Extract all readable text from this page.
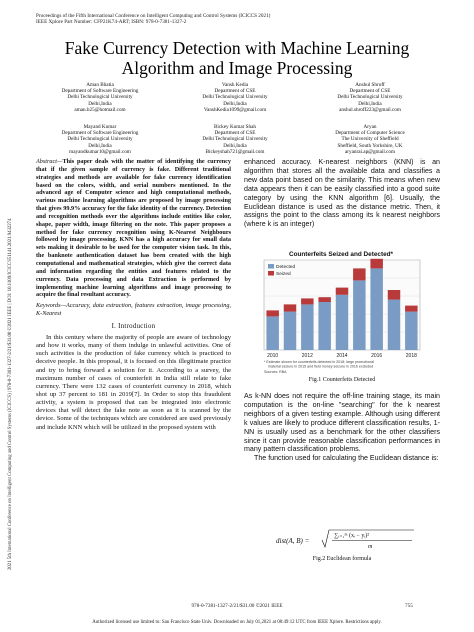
Proceedings of the Fifth International Conference on Intelligent Computing and Control Systems (ICICCS 2021)
IEEE Xplore Part Number: CFP21K74-ART; ISBN: 978-0-7381-1327-2
2021 5th International Conference on Intelligent Computing and Control Systems (ICICCS) | 978-0-7381-1327-2/21/$31.00 ©2021 IEEE | DOI: 10.1109/ICICCS51141.2021.9432274
Fake Currency Detection with Machine Learning
Algorithm and Image Processing
Aman Bhatia
Department of Software Engineering
Delhi Technological University
Delhi,India
aman.b25@hotmail.com
Vansh Kedia
Department of CSE
Delhi Technological University
Delhi,India
VanshKedia1099@gmail.com
Anshul Shroff
Department of CSE
Delhi Technological University
Delhi,India
anshul.shroff223@gmail.com
Mayand Kumar
Department of Software Engineering
Delhi Technological University
Delhi,India
mayandkumar10@gmail.com
Bickey Kumar Shah
Department of CSE
Delhi Technological University
Delhi,India
Bickeyshah721@gmail.com
Aryan
Department of Computer Science
The University of Sheffield
Sheffield, South Yorkshire, UK
aryanrai.ap@gmail.com
Abstract—This paper deals with the matter of identifying the currency that if the given sample of currency is fake. Different traditional strategies and methods are available for fake currency identification based on the colors, width, and serial numbers mentioned. In the advanced age of Computer science and high computational methods, various machine learning algorithms are proposed by image processing that gives 99.9% accuracy for the fake identity of the currency. Detection and recognition methods over the algorithms include entities like color, shape, paper width, image filtering on the note. This paper proposes a method for fake currency recognition using K-Nearest Neighbours followed by image processing. KNN has a high accuracy for small data sets making it desirable to be used for the computer vision task. In this, the banknote authentication dataset has been created with the high computational and mathematical strategies, which give the correct data and information regarding the entities and features related to the currency. Data processing and data Extraction is performed by implementing machine learning algorithms and image processing to acquire the final resultant accuracy.
Keywords—Accuracy, data extraction, features extraction, image processing, K-Nearest
I. Introduction
In this century where the majority of people are aware of technology and how it works, many of them indulge in unlawful activities. One of such activities is the production of fake currency which is practiced to deceive people. In this proposal, it is focused on this illegitimate practice and try to bring forward a solution for it. According to a survey, the maximum number of cases of counterfeit in India still relate to fake currency. There were 132 cases of counterfeit currency in 2018, which shot up 37 percent to 181 in 2019[7]. In Order to stop this fraudulent activity, a system is proposed that can be integrated into electronic devices that will detect the fake note as soon as it is scanned by the device. Some of the techniques which are considered are used previously and include KNN which will be utilized in the proposed system with
enhanced accuracy. K-nearest neighbors (KNN) is an algorithm that stores all the available data and classifies a new data point based on the similarity. This means when new data appears then it can be easily classified into a good suite category by using the KNN algorithm [6]. Usually, the Euclidean distance is used as the distance metric. Then, it assigns the point to the class among its k nearest neighbors (where k is an integer)
Counterfeits Seized and Detected*
2010	2012	2014	2016	2018
Detected
Seized
* Estimate shown for counterfeits detected in 2018; large promotional
material seizure in 2015 and field money seizure in 2016 excluded
Sources: RBA
Fig.1 Counterfeits Detected
As k-NN does not require the off-line training stage, its main computation is the on-line "searching" for the k nearest neighbors of a given testing example. Although using different k values are likely to produce different classification results, 1-NN is usually used as a benchmark for the other classifiers since it can provide reasonable classification performances in many pattern classification problems.
The function used for calculating the Euclidean distance is:
dist(A, B) =
∑ᵢ₌₁ᵐ (xᵢ − yᵢ)²
m
Fig.2 Euclidean formula
978-0-7381-1327-2/21/$31.00 ©2021 IEEE	755
Authorized licensed use limited to: San Francisco State Univ. Downloaded on July 01,2021 at 08:49:12 UTC from IEEE Xplore. Restrictions apply.
